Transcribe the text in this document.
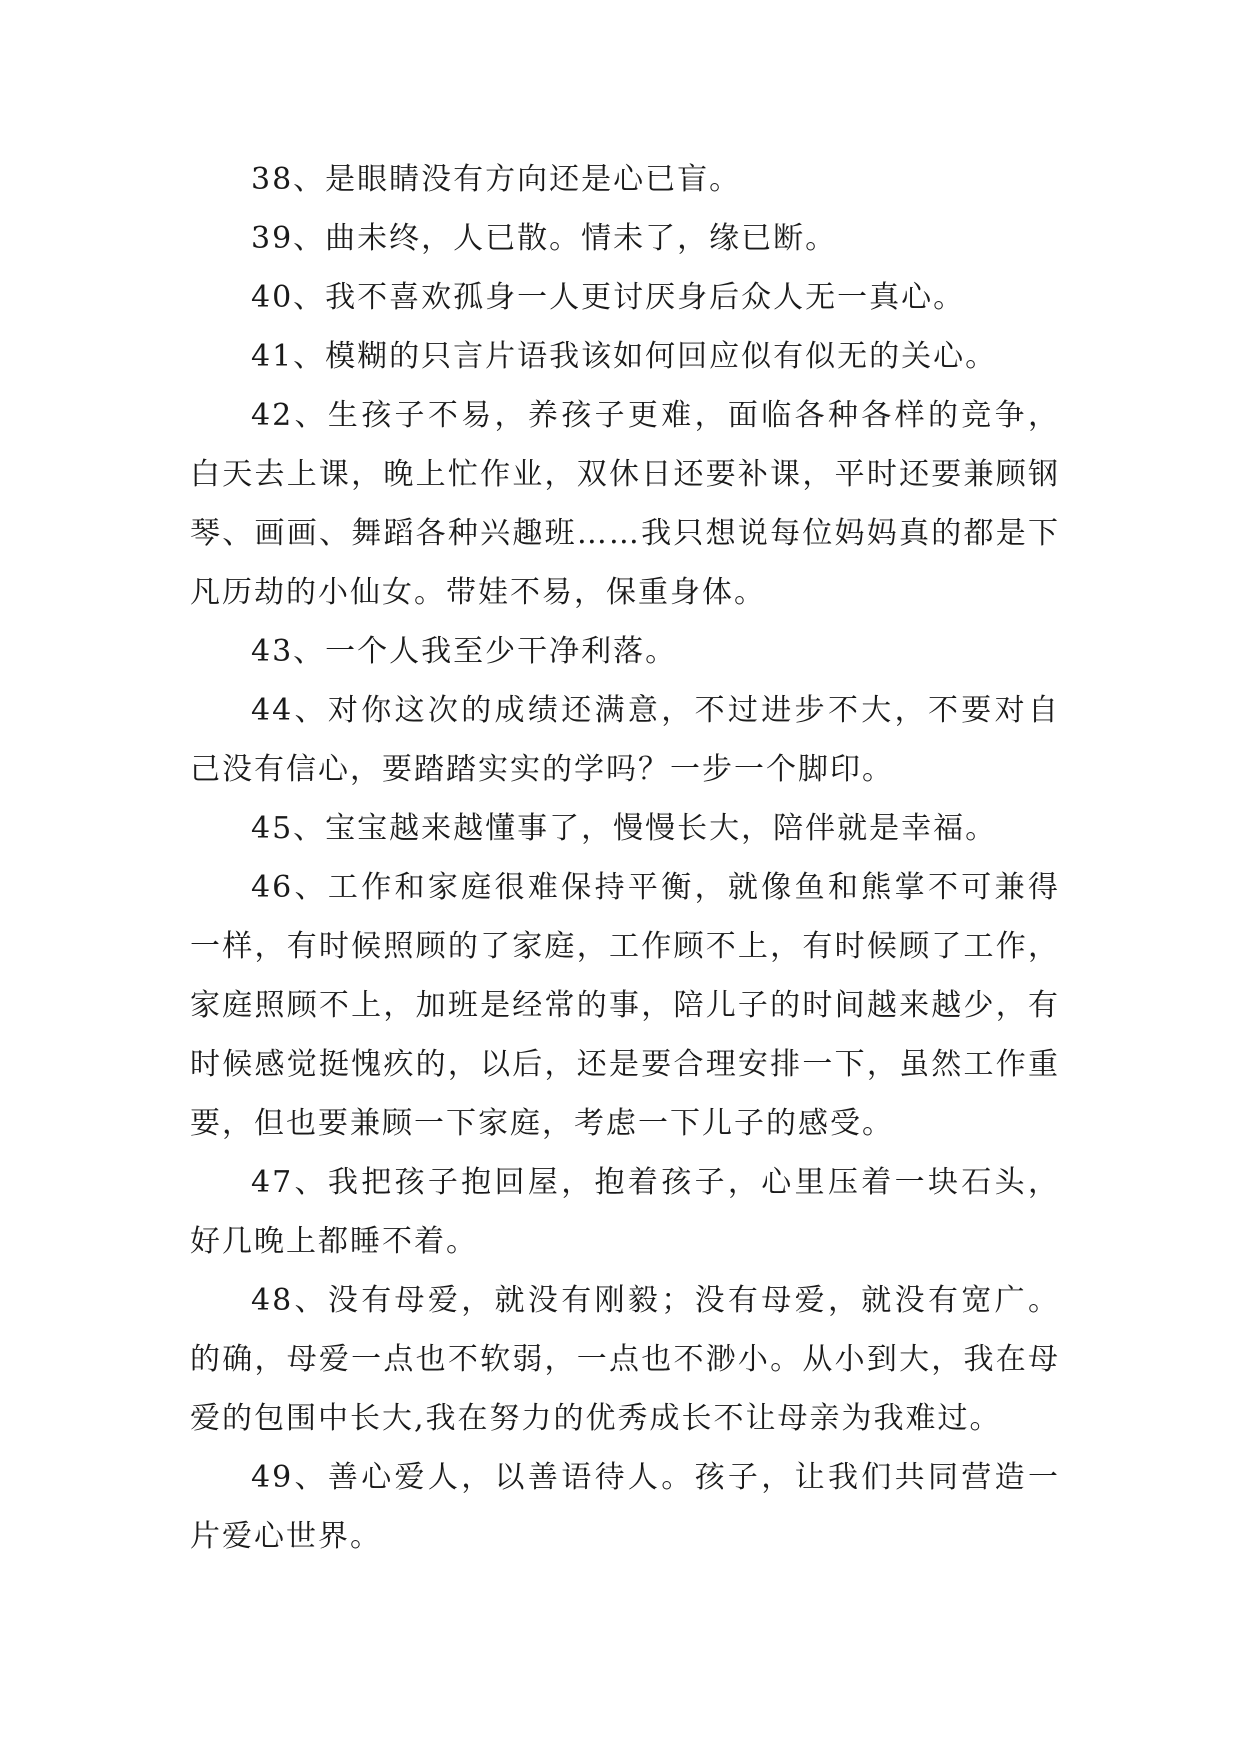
38、是眼睛没有方向还是心已盲。

39、曲未终，人已散。情未了，缘已断。

40、我不喜欢孤身一人更讨厌身后众人无一真心。

41、模糊的只言片语我该如何回应似有似无的关心。

42、生孩子不易，养孩子更难，面临各种各样的竞争，白天去上课，晚上忙作业，双休日还要补课，平时还要兼顾钢琴、画画、舞蹈各种兴趣班……我只想说每位妈妈真的都是下凡历劫的小仙女。带娃不易，保重身体。

43、一个人我至少干净利落。

44、对你这次的成绩还满意，不过进步不大，不要对自己没有信心，要踏踏实实的学吗？一步一个脚印。

45、宝宝越来越懂事了，慢慢长大，陪伴就是幸福。

46、工作和家庭很难保持平衡，就像鱼和熊掌不可兼得一样，有时候照顾的了家庭，工作顾不上，有时候顾了工作，家庭照顾不上，加班是经常的事，陪儿子的时间越来越少，有时候感觉挺愧疚的，以后，还是要合理安排一下，虽然工作重要，但也要兼顾一下家庭，考虑一下儿子的感受。

47、我把孩子抱回屋，抱着孩子，心里压着一块石头，好几晚上都睡不着。

48、没有母爱，就没有刚毅；没有母爱，就没有宽广。的确，母爱一点也不软弱，一点也不渺小。从小到大，我在母爱的包围中长大,我在努力的优秀成长不让母亲为我难过。

49、善心爱人，以善语待人。孩子，让我们共同营造一片爱心世界。
